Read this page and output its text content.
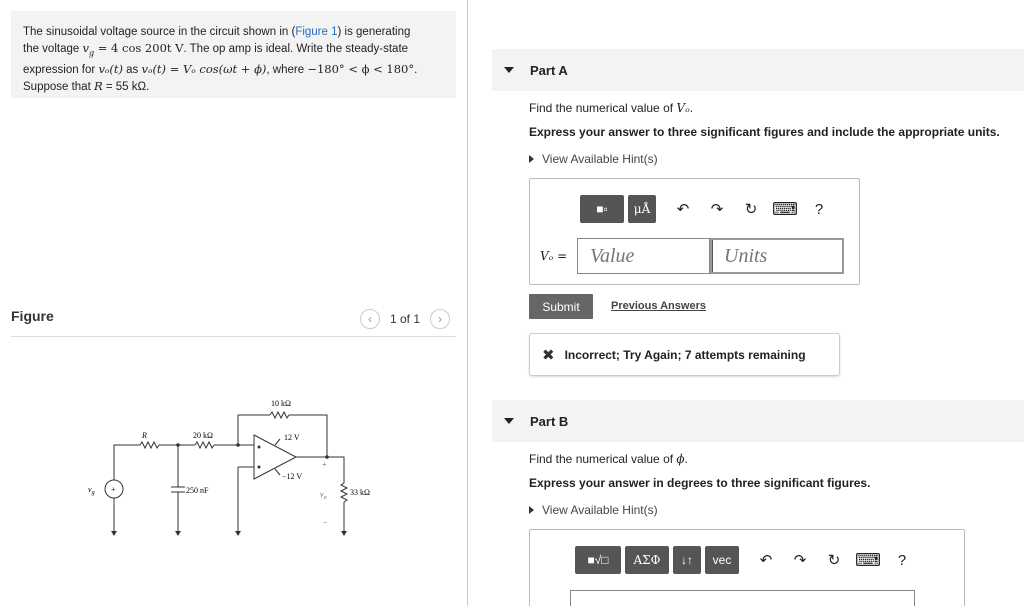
The sinusoidal voltage source in the circuit shown in (Figure 1) is generating
the voltage $v_g = 4$ cos 200t V. The op amp is ideal. Write the steady-state
expression for vₒ(t) as vₒ(t) = Vₒ cos(ωt + ϕ), where −180° < ϕ < 180°.
Suppose that R = 55 kΩ.
Figure	‹	1 of 1	›
R	20 kΩ
10 kΩ
250 nF
12 V
−12 V
33 kΩ
$v_g$	$v_o$
+
−
+
Part A
Find the numerical value of Vₒ.
Express your answer to three significant figures and include the appropriate units.
View Available Hint(s)
■▫	μÅ	↶	↷	↻ ⌨	?
Vₒ =
Value
Units
Submit	Previous Answers
✖ Incorrect; Try Again; 7 attempts remaining
Part B
Find the numerical value of ϕ.
Express your answer in degrees to three significant figures.
View Available Hint(s)
■√□	AΣΦ	↓↑	vec	↶	↷	↻ ⌨	?
